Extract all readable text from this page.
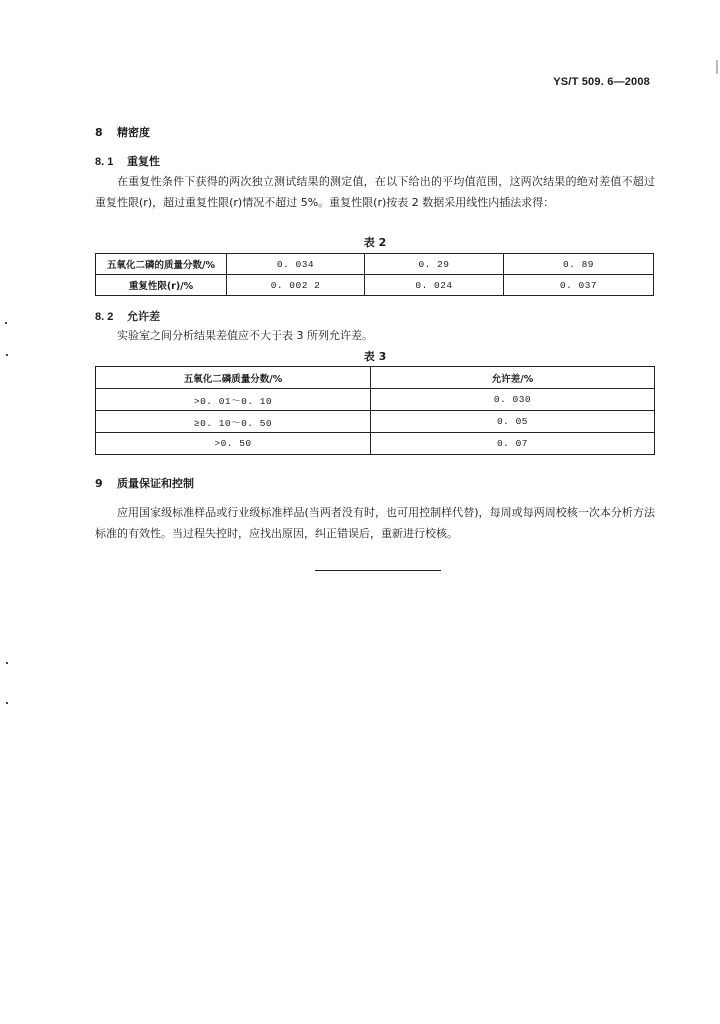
YS/T 509. 6—2008
8 精密度
8. 1 重复性
在重复性条件下获得的两次独立测试结果的测定值，在以下给出的平均值范围，这两次结果的绝对差值不超过重复性限(r)，超过重复性限(r)情况不超过 5%。重复性限(r)按表 2 数据采用线性内插法求得：
表 2
五氧化二磷的质量分数/%	0. 034	0. 29	0. 89
重复性限(r)/%	0. 002 2	0. 024	0. 037
8. 2 允许差
实验室之间分析结果差值应不大于表 3 所列允许差。
表 3
五氧化二磷质量分数/%	允许差/%
>0. 01～0. 10	0. 030
≥0. 10～0. 50	0. 05
>0. 50	0. 07
9 质量保证和控制
应用国家级标准样品或行业级标准样品(当两者没有时，也可用控制样代替)，每周或每两周校核一次本分析方法标准的有效性。当过程失控时，应找出原因，纠正错误后，重新进行校核。
